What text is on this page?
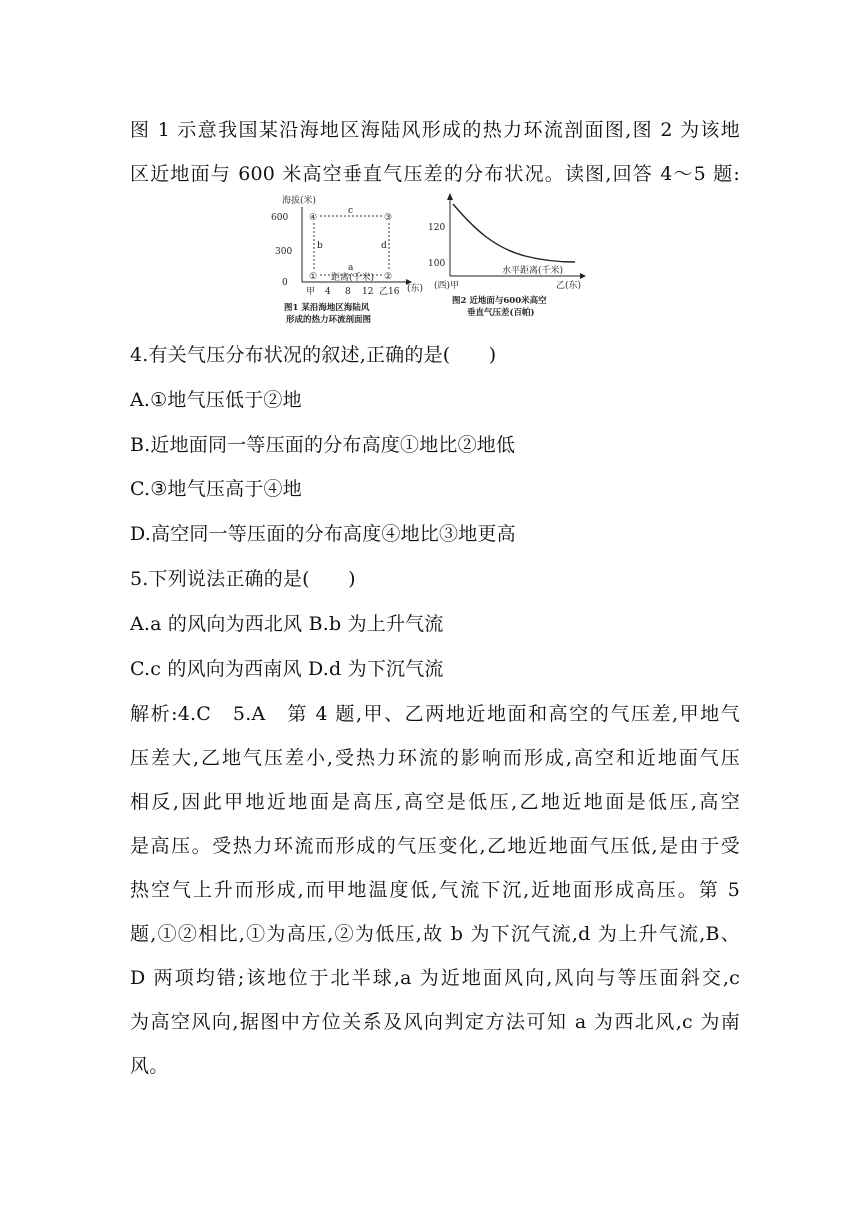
图 1 示意我国某沿海地区海陆风形成的热力环流剖面图,图 2 为该地
区近地面与 600 米高空垂直气压差的分布状况。读图,回答 4～5 题:
海拔(米)
600
300
0
①	②
③
④
a
b
c
d
距离(千米)
甲 4 8 12 乙16 (东)
图1 某沿海地区海陆风
形成的热力环流剖面图
120
100
水平距离(千米)
(西)甲	乙(东)
图2 近地面与600米高空
垂直气压差(百帕)
4.有关气压分布状况的叙述,正确的是(　　)
A.①地气压低于②地
B.近地面同一等压面的分布高度①地比②地低
C.③地气压高于④地
D.高空同一等压面的分布高度④地比③地更高
5.下列说法正确的是(　　)
A.a 的风向为西北风 B.b 为上升气流
C.c 的风向为西南风 D.d 为下沉气流
解析:4.C　5.A　第 4 题,甲、乙两地近地面和高空的气压差,甲地气
压差大,乙地气压差小,受热力环流的影响而形成,高空和近地面气压
相反,因此甲地近地面是高压,高空是低压,乙地近地面是低压,高空
是高压。受热力环流而形成的气压变化,乙地近地面气压低,是由于受
热空气上升而形成,而甲地温度低,气流下沉,近地面形成高压。第 5
题,①②相比,①为高压,②为低压,故 b 为下沉气流,d 为上升气流,B、
D 两项均错;该地位于北半球,a 为近地面风向,风向与等压面斜交,c
为高空风向,据图中方位关系及风向判定方法可知 a 为西北风,c 为南
风。
